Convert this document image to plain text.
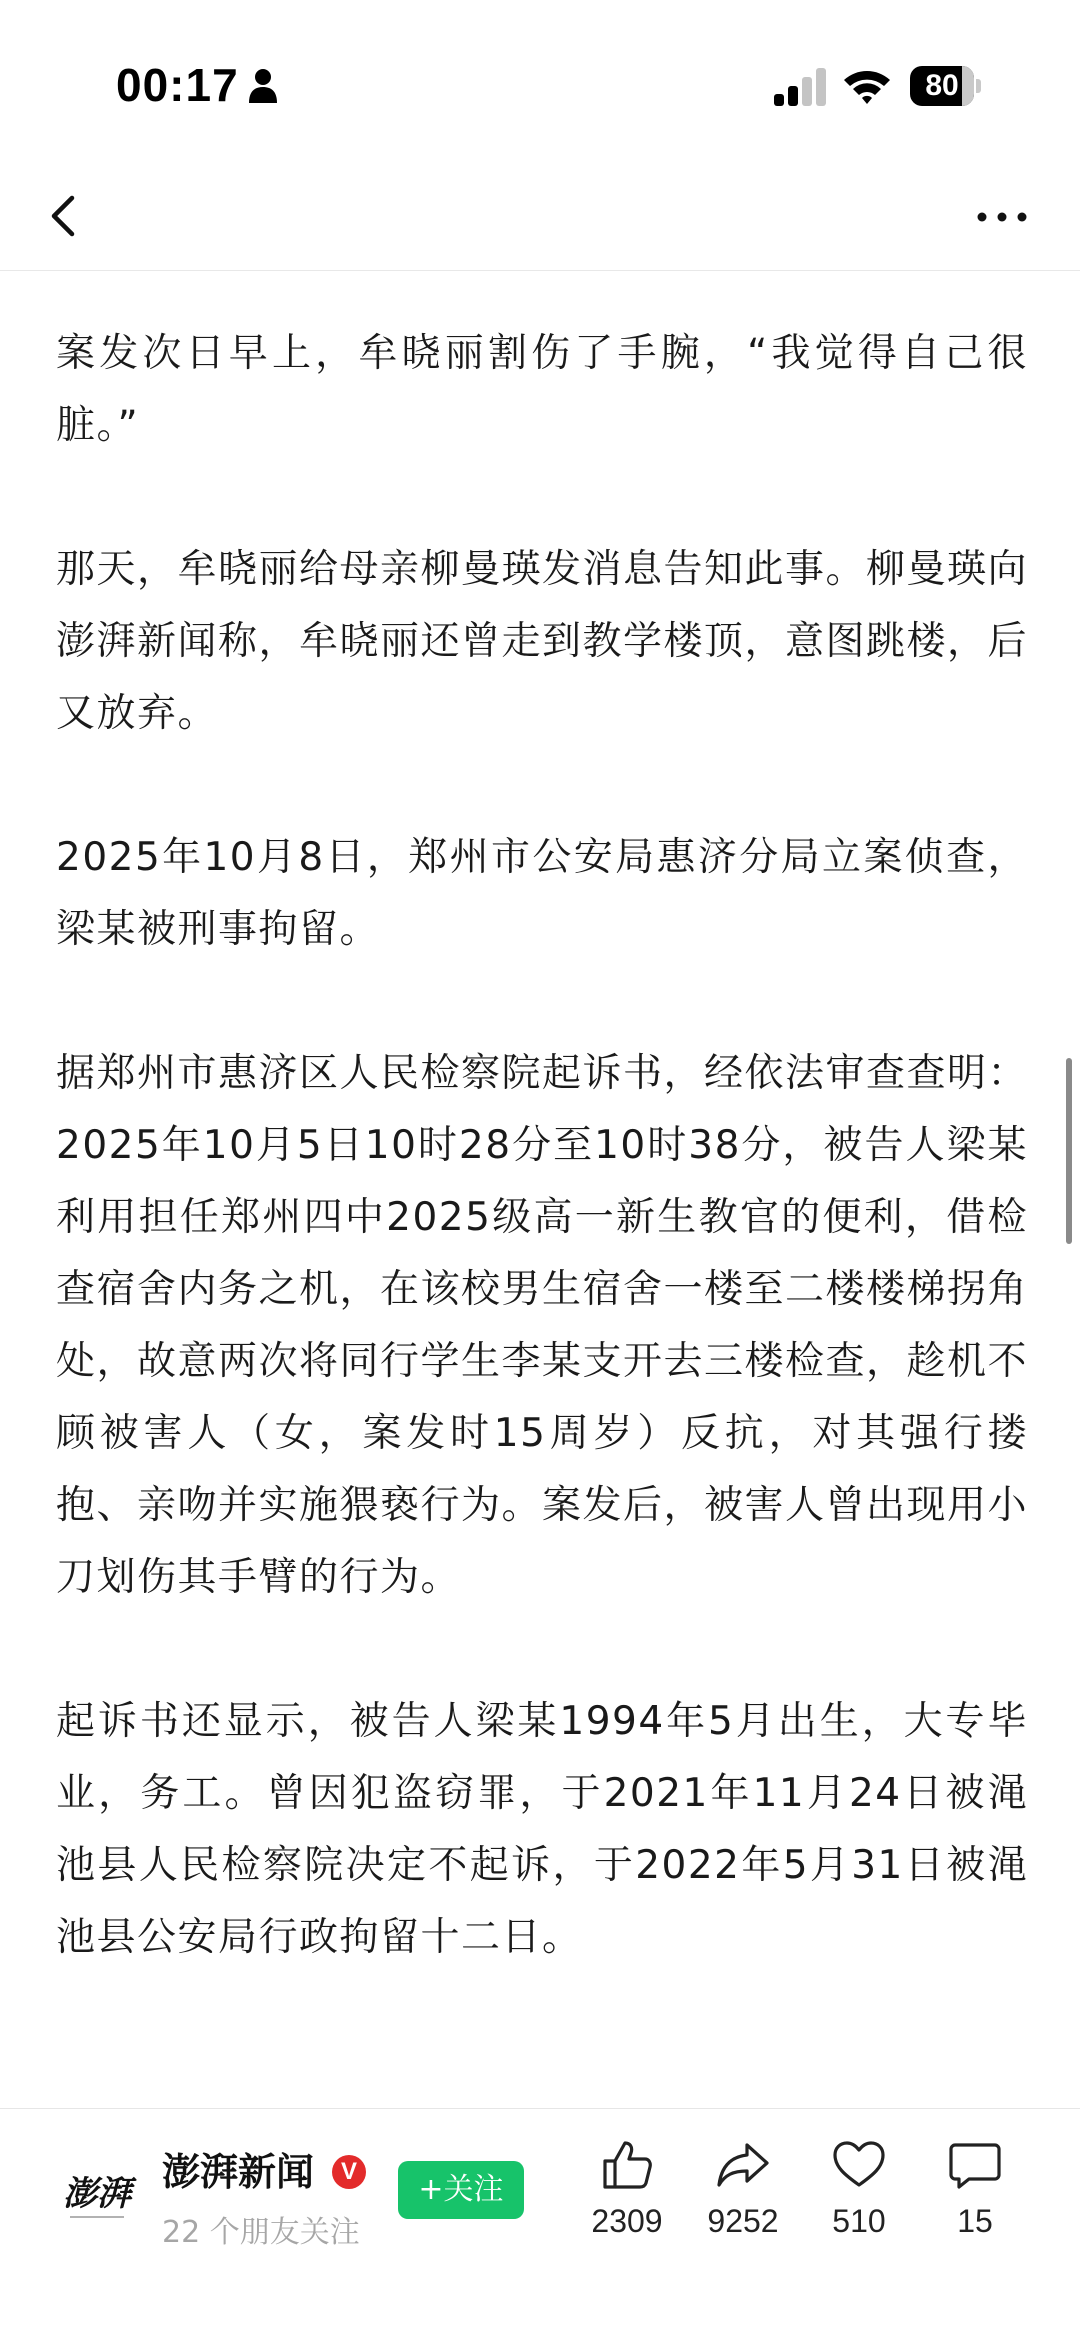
00:17	80

案发次日早上，牟晓丽割伤了手腕，“我觉得自己很脏。”

那天，牟晓丽给母亲柳曼瑛发消息告知此事。柳曼瑛向澎湃新闻称，牟晓丽还曾走到教学楼顶，意图跳楼，后又放弃。

2025年10月8日，郑州市公安局惠济分局立案侦查，梁某被刑事拘留。

据郑州市惠济区人民检察院起诉书，经依法审查查明：2025年10月5日10时28分至10时38分，被告人梁某利用担任郑州四中2025级高一新生教官的便利，借检查宿舍内务之机，在该校男生宿舍一楼至二楼楼梯拐角处，故意两次将同行学生李某支开去三楼检查，趁机不顾被害人（女，案发时15周岁）反抗，对其强行搂抱、亲吻并实施猥亵行为。案发后，被害人曾出现用小刀划伤其手臂的行为。

起诉书还显示，被告人梁某1994年5月出生，大专毕业，务工。曾因犯盗窃罪，于2021年11月24日被渑池县人民检察院决定不起诉，于2022年5月31日被渑池县公安局行政拘留十二日。

澎湃 澎湃新闻	V
22 个朋友关注
+关注
2309	9252	510	15
